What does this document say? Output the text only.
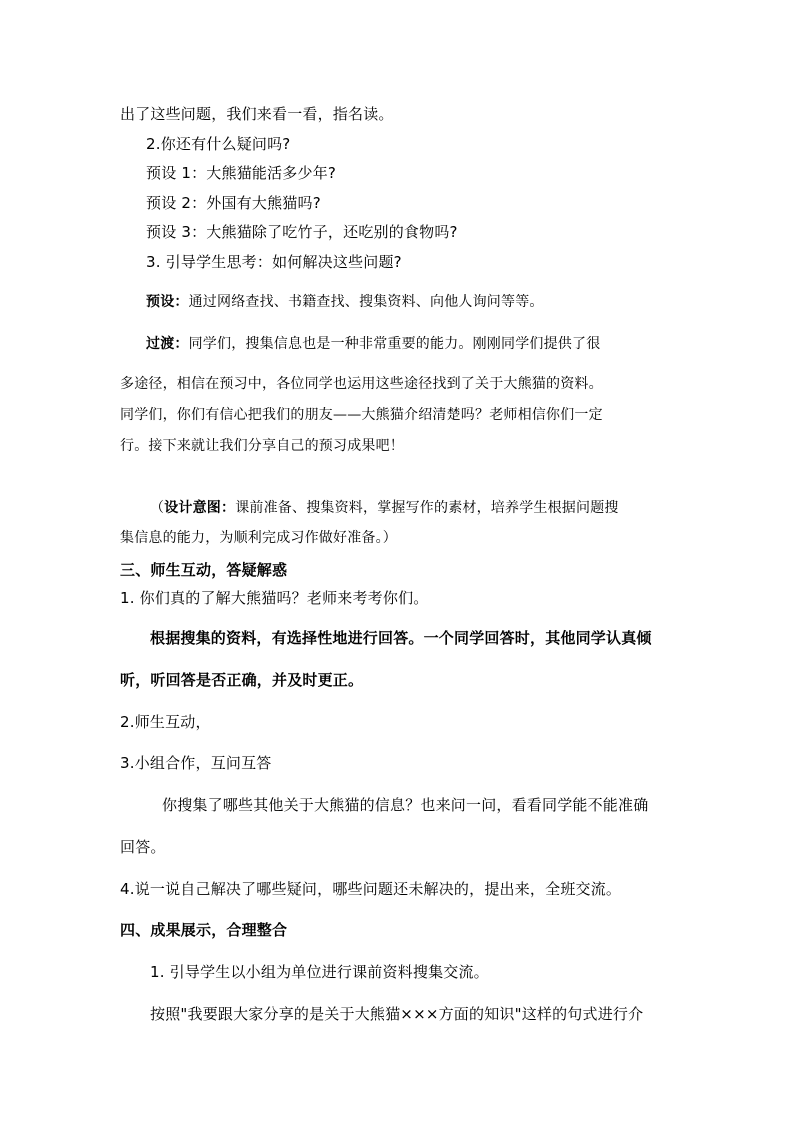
出了这些问题，我们来看一看，指名读。
2.你还有什么疑问吗?
预设 1：大熊猫能活多少年?
预设 2：外国有大熊猫吗?
预设 3：大熊猫除了吃竹子，还吃别的食物吗?
3. 引导学生思考：如何解决这些问题?
预设：通过网络查找、书籍查找、搜集资料、向他人询问等等。
过渡：同学们，搜集信息也是一种非常重要的能力。刚刚同学们提供了很
多途径，相信在预习中，各位同学也运用这些途径找到了关于大熊猫的资料。
同学们，你们有信心把我们的朋友——大熊猫介绍清楚吗？老师相信你们一定
行。接下来就让我们分享自己的预习成果吧！
（设计意图：课前准备、搜集资料，掌握写作的素材，培养学生根据问题搜
集信息的能力，为顺利完成习作做好准备。）
三、师生互动，答疑解惑
1. 你们真的了解大熊猫吗？老师来考考你们。
根据搜集的资料，有选择性地进行回答。一个同学回答时，其他同学认真倾
听，听回答是否正确，并及时更正。
2.师生互动，
3.小组合作，互问互答
你搜集了哪些其他关于大熊猫的信息？也来问一问，看看同学能不能准确
回答。
4.说一说自己解决了哪些疑问，哪些问题还未解决的，提出来，全班交流。
四、成果展示，合理整合
1. 引导学生以小组为单位进行课前资料搜集交流。
按照"我要跟大家分享的是关于大熊猫×××方面的知识"这样的句式进行介
